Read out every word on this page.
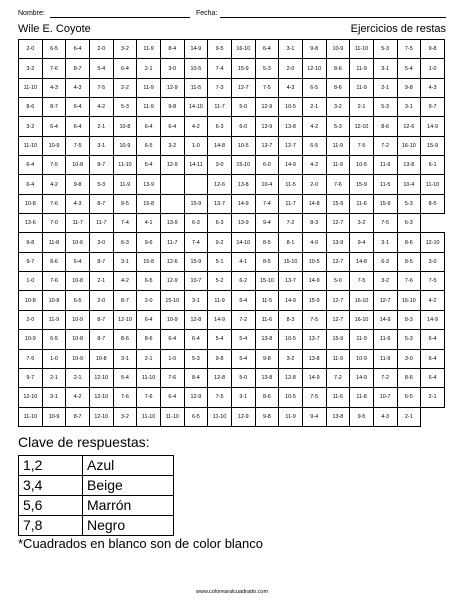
Nombre:	Fecha:
Wile E. Coyote	Ejercicios de restas
2-0	6-5	6-4	2-0	3-2	11-9	8-4	14-9	9-5	16-10	6-4	3-1	9-8	10-9	11-10	5-3	7-5	9-8
3-2	7-6	8-7	5-4	6-4	2-1	3-0	10-5	7-4	15-9	5-3	2-0	12-10	8-6	11-9	3-1	5-4	1-0
11-10	4-3	4-3	7-5	2-2	11-9	12-9	11-5	7-3	12-7	7-5	4-3	6-5	8-6	11-9	2-1	9-8	4-3
8-6	8-7	6-4	4-2	5-3	11-9	9-8	14-10	11-7	5-0	12-9	10-5	2-1	3-2	2-1	5-3	3-1	9-7
3-2	6-4	6-4	2-1	10-8	6-4	6-4	4-2	6-3	6-0	13-9	13-8	4-2	5-3	12-10	8-6	12-6	14-9
11-10	10-9	7-5	3-1	10-9	6-5	3-2	1-0	14-8	10-5	13-7	12-7	6-5	11-9	7-5	7-2	16-10	15-9
6-4	7-5	10-8	8-7	11-10	5-4	12-9	14-11	3-0	15-10	6-0	14-9	4-2	11-9	10-5	11-9	13-8	6-1
6-4	4-2	9-8	5-3	11-9	13-9			12-6	13-8	10-4	11-5	2-0	7-6	15-9	11-5	10-4	11-10
10-8	7-6	4-3	8-7	9-5	15-8		15-9	13-7	14-9	7-4	11-7	14-8	15-9	11-6	15-9	5-3	8-5
13-6	7-0	11-7	11-7	7-4	4-1	13-9	6-3	6-3	13-9	9-4	7-2	8-3	12-7	3-2	7-5	6-3	
9-8	11-8	10-6	3-0	6-3	9-6	11-7	7-4	9-2	14-10	8-5	8-1	4-0	13-9	9-4	3-1	8-6	12-10
9-7	8-6	6-4	8-7	3-1	15-8	12-6	15-9	5-1	4-1	8-5	15-10	10-5	12-7	14-8	6-3	8-5	3-0
1-0	7-6	10-8	2-1	4-2	6-5	12-9	10-7	5-2	6-2	15-10	13-7	14-9	5-0	7-5	3-2	7-6	7-5
10-8	10-8	6-5	2-0	8-7	2-0	15-10	3-1	11-9	5-4	11-5	14-9	15-9	12-7	16-10	12-7	16-10	4-2
2-0	11-9	10-9	8-7	12-10	6-4	10-9	12-8	14-9	7-2	11-6	8-3	7-5	12-7	16-10	14-9	8-3	14-9
10-9	6-5	10-8	8-7	8-6	8-6	6-4	6-4	5-4	5-4	13-8	10-5	13-7	15-9	11-9	11-9	5-3	6-4
7-5	1-0	10-9	10-8	3-1	2-1	1-0	5-3	9-8	5-4	9-8	3-2	13-8	11-9	10-9	11-9	3-0	6-4
9-7	2-1	2-1	12-10	5-4	11-10	7-6	8-4	12-8	5-0	13-8	12-8	14-9	7-2	14-9	7-2	8-6	6-4
12-10	3-1	4-2	12-10	7-6	7-6	6-4	12-9	7-5	3-1	8-6	10-5	7-5	11-6	11-8	10-7	6-5	2-1
11-10	10-9	8-7	12-10	3-2	11-10	11-10	6-5	11-10	12-9	9-8	11-9	9-4	13-8	9-5	4-3	2-1	
Clave de respuestas:
1,2	Azul
3,4	Beige
5,6	Marrón
7,8	Negro
*Cuadrados en blanco son de color blanco
www.colorearalcuadrado.com
